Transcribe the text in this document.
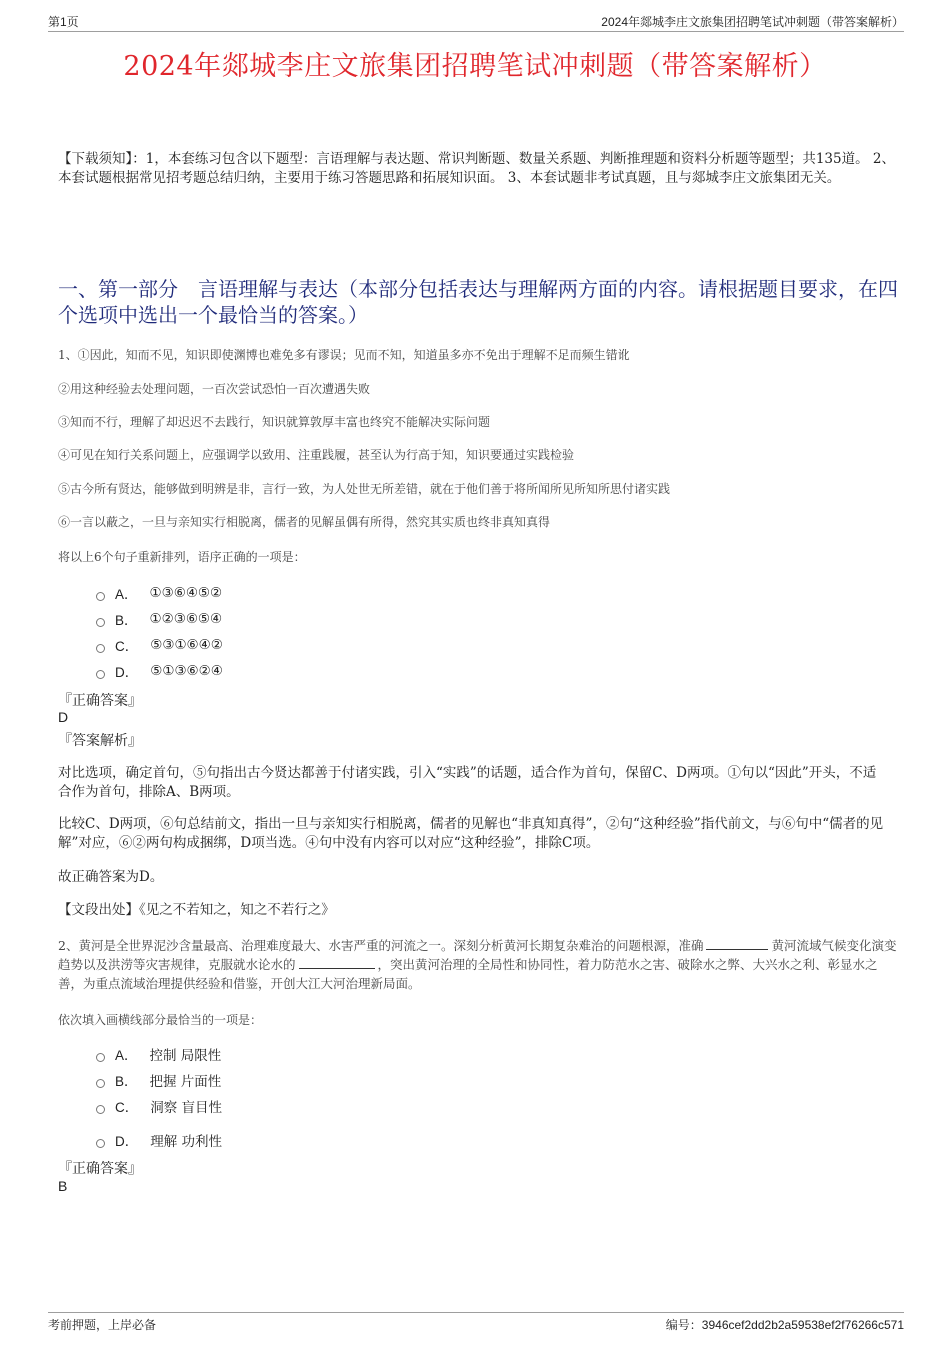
第1页	2024年郯城李庄文旅集团招聘笔试冲刺题（带答案解析）
2024年郯城李庄文旅集团招聘笔试冲刺题（带答案解析）
【下载须知】：1，本套练习包含以下题型：言语理解与表达题、常识判断题、数量关系题、判断推理题和资料分析题等题型；共135道。 2、本套试题根据常见招考题总结归纳，主要用于练习答题思路和拓展知识面。 3、本套试题非考试真题，且与郯城李庄文旅集团无关。
一、第一部分　言语理解与表达（本部分包括表达与理解两方面的内容。请根据题目要求，在四个选项中选出一个最恰当的答案。）
1、①因此，知而不见，知识即使渊博也难免多有谬误；见而不知，知道虽多亦不免出于理解不足而频生错讹
②用这种经验去处理问题，一百次尝试恐怕一百次遭遇失败
③知而不行，理解了却迟迟不去践行，知识就算敦厚丰富也终究不能解决实际问题
④可见在知行关系问题上，应强调学以致用、注重践履，甚至认为行高于知，知识要通过实践检验
⑤古今所有贤达，能够做到明辨是非，言行一致，为人处世无所差错，就在于他们善于将所闻所见所知所思付诸实践
⑥一言以蔽之，一旦与亲知实行相脱离，儒者的见解虽偶有所得，然究其实质也终非真知真得
将以上6个句子重新排列，语序正确的一项是：
A． ①③⑥④⑤②
B． ①②③⑥⑤④
C． ⑤③①⑥④②
D． ⑤①③⑥②④
『正确答案』
D
『答案解析』
对比选项，确定首句，⑤句指出古今贤达都善于付诸实践，引入“实践”的话题，适合作为首句，保留C、D两项。①句以“因此”开头，不适合作为首句，排除A、B两项。
比较C、D两项，⑥句总结前文，指出一旦与亲知实行相脱离，儒者的见解也“非真知真得”，②句“这种经验”指代前文，与⑥句中“儒者的见解”对应，⑥②两句构成捆绑，D项当选。④句中没有内容可以对应“这种经验”，排除C项。
故正确答案为D。
【文段出处】《见之不若知之，知之不若行之》
2、黄河是全世界泥沙含量最高、治理难度最大、水害严重的河流之一。深刻分析黄河长期复杂难治的问题根源，准确	黄河流域气候变化演变趋势以及洪涝等灾害规律，克服就水论水的	，突出黄河治理的全局性和协同性，着力防范水之害、破除水之弊、大兴水之利、彰显水之善，为重点流域治理提供经验和借鉴，开创大江大河治理新局面。
依次填入画横线部分最恰当的一项是：
A． 控制 局限性
B． 把握 片面性
C． 洞察 盲目性
D． 理解 功利性
『正确答案』
B
考前押题，上岸必备	编号：3946cef2dd2b2a59538ef2f76266c571
